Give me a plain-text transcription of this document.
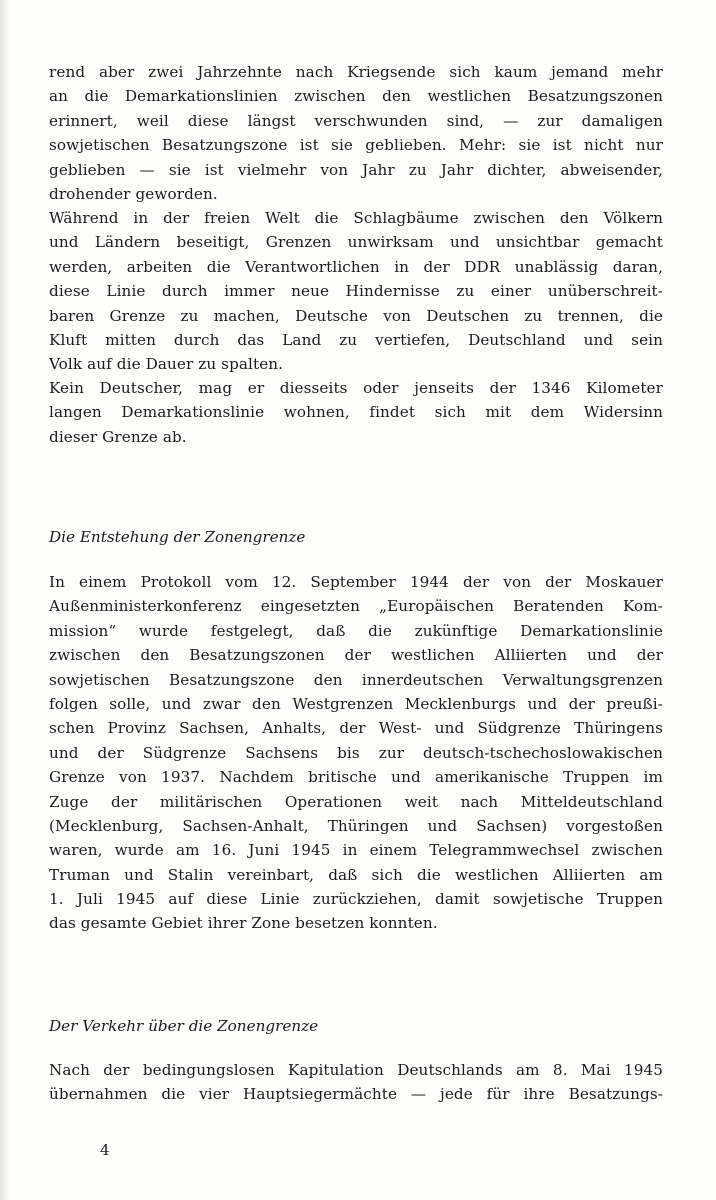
rend aber zwei Jahrzehnte nach Kriegsende sich kaum jemand mehr
an die Demarkationslinien zwischen den westlichen Besatzungszonen
erinnert, weil diese längst verschwunden sind, — zur damaligen
sowjetischen Besatzungszone ist sie geblieben. Mehr: sie ist nicht nur
geblieben — sie ist vielmehr von Jahr zu Jahr dichter, abweisender,
drohender geworden.
Während in der freien Welt die Schlagbäume zwischen den Völkern
und Ländern beseitigt, Grenzen unwirksam und unsichtbar gemacht
werden, arbeiten die Verantwortlichen in der DDR unablässig daran,
diese Linie durch immer neue Hindernisse zu einer unüberschreit-
baren Grenze zu machen, Deutsche von Deutschen zu trennen, die
Kluft mitten durch das Land zu vertiefen, Deutschland und sein
Volk auf die Dauer zu spalten.
Kein Deutscher, mag er diesseits oder jenseits der 1346 Kilometer
langen Demarkationslinie wohnen, findet sich mit dem Widersinn
dieser Grenze ab.
Die Entstehung der Zonengrenze
In einem Protokoll vom 12. September 1944 der von der Moskauer
Außenministerkonferenz eingesetzten „Europäischen Beratenden Kom-
mission“ wurde festgelegt, daß die zukünftige Demarkationslinie
zwischen den Besatzungszonen der westlichen Alliierten und der
sowjetischen Besatzungszone den innerdeutschen Verwaltungsgrenzen
folgen solle, und zwar den Westgrenzen Mecklenburgs und der preußi-
schen Provinz Sachsen, Anhalts, der West- und Südgrenze Thüringens
und der Südgrenze Sachsens bis zur deutsch-tschechoslowakischen
Grenze von 1937. Nachdem britische und amerikanische Truppen im
Zuge der militärischen Operationen weit nach Mitteldeutschland
(Mecklenburg, Sachsen-Anhalt, Thüringen und Sachsen) vorgestoßen
waren, wurde am 16. Juni 1945 in einem Telegrammwechsel zwischen
Truman und Stalin vereinbart, daß sich die westlichen Alliierten am
1. Juli 1945 auf diese Linie zurückziehen, damit sowjetische Truppen
das gesamte Gebiet ihrer Zone besetzen konnten.
Der Verkehr über die Zonengrenze
Nach der bedingungslosen Kapitulation Deutschlands am 8. Mai 1945
übernahmen die vier Hauptsiegermächte — jede für ihre Besatzungs-
4
